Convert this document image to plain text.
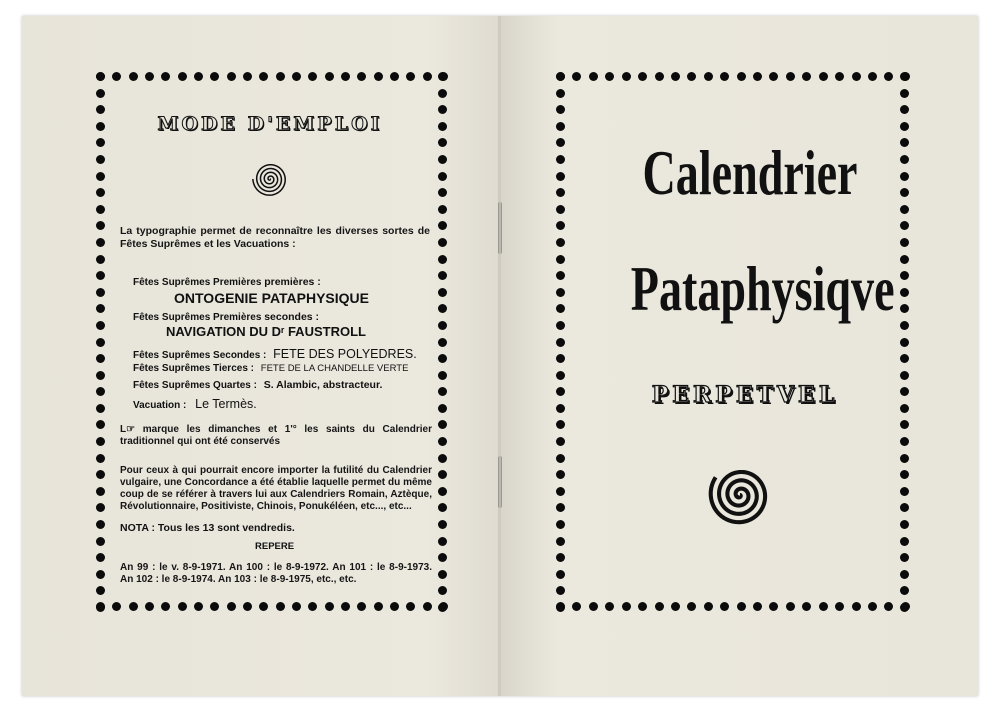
MODE D'EMPLOI
La typographie permet de reconnaître les diverses sortes de Fêtes Suprêmes et les Vacuations :
Fêtes Suprêmes Premières premières :
ONTOGENIE PATAPHYSIQUE
Fêtes Suprêmes Premières secondes :
NAVIGATION DU Dʳ FAUSTROLL
Fêtes Suprêmes Secondes : FETE DES POLYEDRES.
Fêtes Suprêmes Tierces : FETE DE LA CHANDELLE VERTE
Fêtes Suprêmes Quartes : S. Alambic, abstracteur.
Vacuation : Le Termès.
L☞ marque les dimanches et 1'° les saints du Calendrier traditionnel qui ont été conservés
Pour ceux à qui pourrait encore importer la futilité du Calendrier vulgaire, une Concordance a été établie laquelle permet du même coup de se référer à travers lui aux Calendriers Romain, Aztèque, Révolutionnaire, Positiviste, Chinois, Ponukéléen, etc..., etc...
NOTA : Tous les 13 sont vendredis.
REPERE
An 99 : le v. 8-9-1971. An 100 : le 8-9-1972. An 101 : le 8-9-1973. An 102 : le 8-9-1974. An 103 : le 8-9-1975, etc., etc.
Calendrier
Pataphysiqve
PERPETVEL
